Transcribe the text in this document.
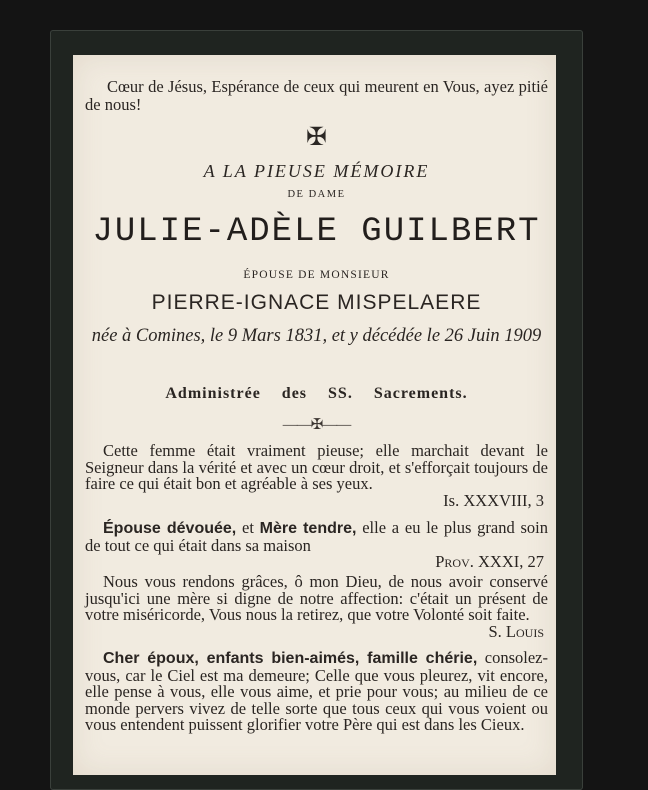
Cœur de Jésus, Espérance de ceux qui meurent en Vous, ayez pitié de nous!

✠
A LA PIEUSE MÉMOIRE
DE DAME
JULIE-ADÈLE GUILBERT
ÉPOUSE DE MONSIEUR
PIERRE-IGNACE MISPELAERE
née à Comines, le 9 Mars 1831, et y décédée le 26 Juin 1909
Administrée des SS. Sacrements.
——✠——

Cette femme était vraiment pieuse; elle marchait devant le Seigneur dans la vérité et avec un cœur droit, et s'efforçait toujours de faire ce qui était bon et agréable à ses yeux.
Is. XXXVIII, 3

Épouse dévouée, et Mère tendre, elle a eu le plus grand soin de tout ce qui était dans sa maison
Prov. XXXI, 27

Nous vous rendons grâces, ô mon Dieu, de nous avoir conservé jusqu'ici une mère si digne de notre affection: c'était un présent de votre miséricorde, Vous nous la retirez, que votre Volonté soit faite.
S. Louis

Cher époux, enfants bien-aimés, famille chérie, consolez-vous, car le Ciel est ma demeure; Celle que vous pleurez, vit encore, elle pense à vous, elle vous aime, et prie pour vous; au milieu de ce monde pervers vivez de telle sorte que tous ceux qui vous voient ou vous entendent puissent glorifier votre Père qui est dans les Cieux.
